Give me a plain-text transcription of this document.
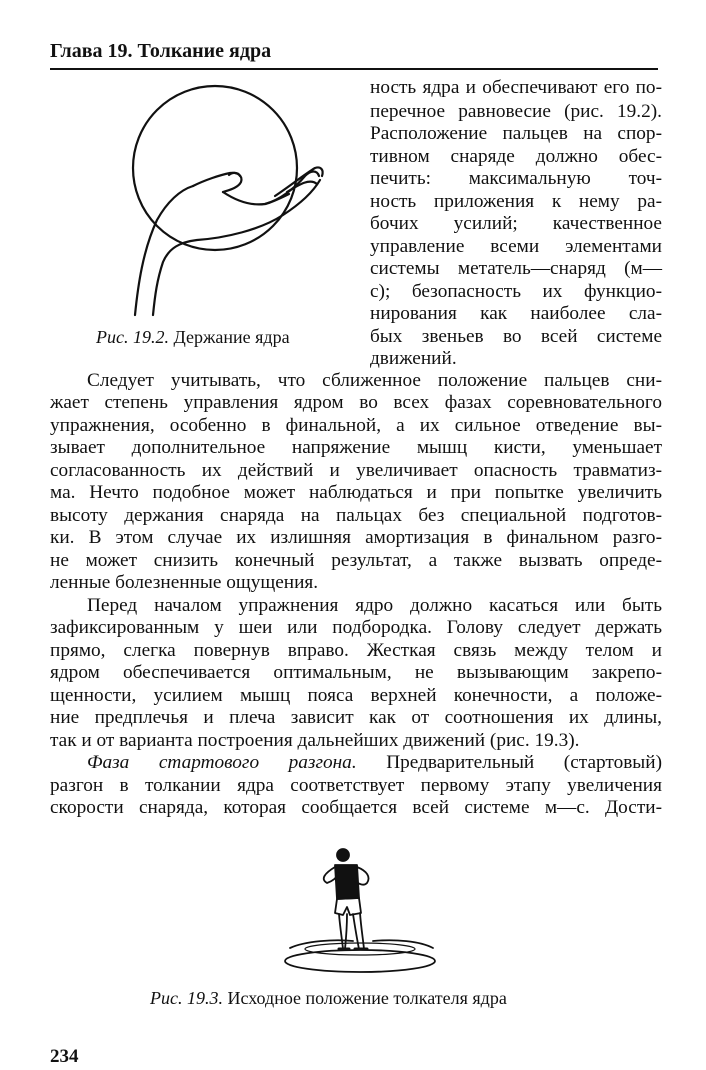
Глава 19. Толкание ядра
Рис. 19.2. Держание ядра
ность ядра и обеспечивают его по-
перечное равновесие (рис. 19.2).
Расположение пальцев на спор-
тивном снаряде должно обес-
печить: максимальную точ-
ность приложения к нему ра-
бочих усилий; качественное
управление всеми элементами
системы метатель—снаряд (м—
с); безопасность их функцио-
нирования как наиболее сла-
бых звеньев во всей системе
движений.
Следует учитывать, что сближенное положение пальцев сни-
жает степень управления ядром во всех фазах соревновательного
упражнения, особенно в финальной, а их сильное отведение вы-
зывает дополнительное напряжение мышц кисти, уменьшает
согласованность их действий и увеличивает опасность травматиз-
ма. Нечто подобное может наблюдаться и при попытке увеличить
высоту держания снаряда на пальцах без специальной подготов-
ки. В этом случае их излишняя амортизация в финальном разго-
не может снизить конечный результат, а также вызвать опреде-
ленные болезненные ощущения.
Перед началом упражнения ядро должно касаться или быть
зафиксированным у шеи или подбородка. Голову следует держать
прямо, слегка повернув вправо. Жесткая связь между телом и
ядром обеспечивается оптимальным, не вызывающим закрепо-
щенности, усилием мышц пояса верхней конечности, а положе-
ние предплечья и плеча зависит как от соотношения их длины,
так и от варианта построения дальнейших движений (рис. 19.3).
Фаза стартового разгона. Предварительный (стартовый)
разгон в толкании ядра соответствует первому этапу увеличения
скорости снаряда, которая сообщается всей системе м—с. Дости-
Рис. 19.3. Исходное положение толкателя ядра
234
